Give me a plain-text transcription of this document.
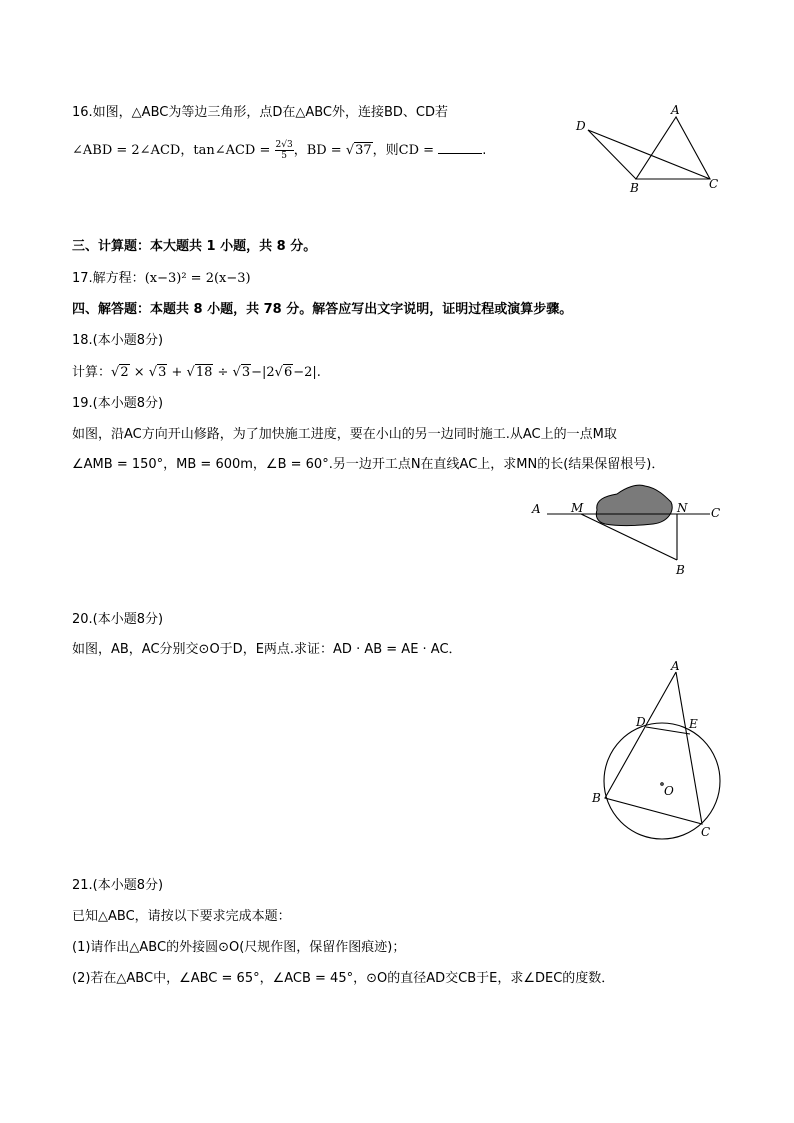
16.如图，△ABC为等边三角形，点D在△ABC外，连接BD、CD若
∠ABD = 2∠ACD，tan∠ACD = $\frac{2√3}{5}$ ，BD = √37，则CD =	.
A
B	C
D
三、计算题：本大题共 1 小题，共 8 分。
17.解方程：(x−3)² = 2(x−3)
四、解答题：本题共 8 小题，共 78 分。解答应写出文字说明，证明过程或演算步骤。
18.(本小题8分)
计算：√2 × √3 + √18 ÷ √3−|2√6−2|.
19.(本小题8分)
如图，沿AC方向开山修路，为了加快施工进度，要在小山的另一边同时施工.从AC上的一点M取
∠AMB = 150°，MB = 600m，∠B = 60°.另一边开工点N在直线AC上，求MN的长(结果保留根号)．
A	M	N C
B
20.(本小题8分)
如图，AB，AC分别交⊙O于D，E两点.求证：AD · AB = AE · AC．
A
D	E
B
C
O
21.(本小题8分)
已知△ABC，请按以下要求完成本题：
(1)请作出△ABC的外接圆⊙O(尺规作图，保留作图痕迹)；
(2)若在△ABC中，∠ABC = 65°，∠ACB = 45°，⊙O的直径AD交CB于E，求∠DEC的度数．
